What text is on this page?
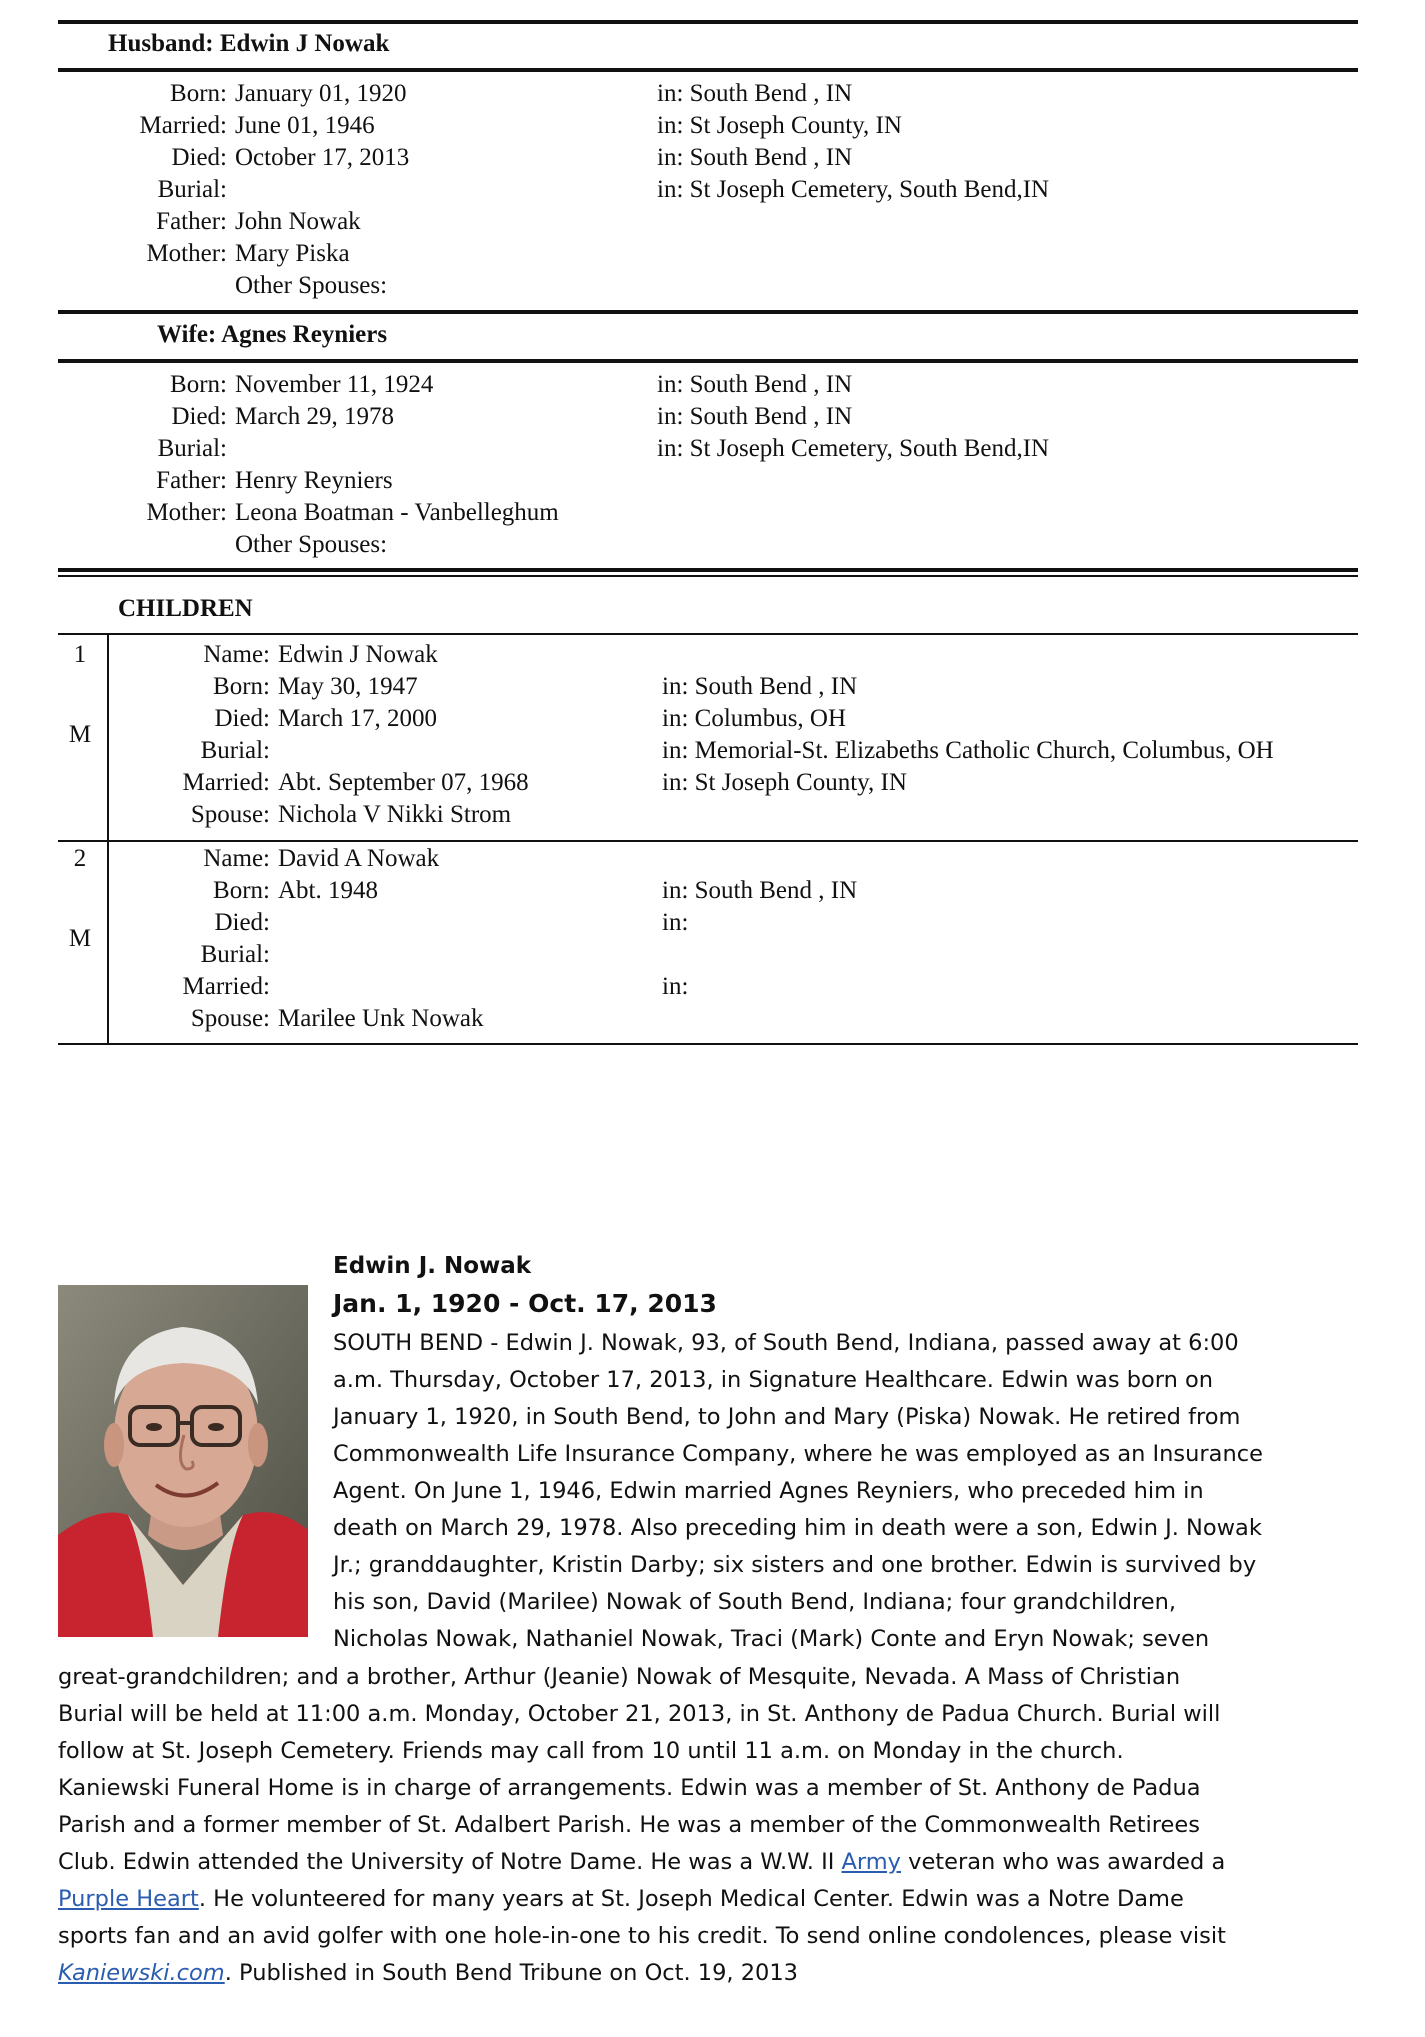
Husband: Edwin J Nowak
Born: January 01, 1920	in: South Bend , IN
Married: June 01, 1946	in: St Joseph County, IN
Died: October 17, 2013	in: South Bend , IN
Burial:	in: St Joseph Cemetery, South Bend,IN
Father: John Nowak
Mother: Mary Piska
Other Spouses:
Wife: Agnes Reyniers
Born: November 11, 1924	in: South Bend , IN
Died: March 29, 1978	in: South Bend , IN
Burial:	in: St Joseph Cemetery, South Bend,IN
Father: Henry Reyniers
Mother: Leona Boatman - Vanbelleghum
Other Spouses:
CHILDREN
1
M
Name: Edwin J Nowak
Born: May 30, 1947	in: South Bend , IN
Died: March 17, 2000	in: Columbus, OH
Burial:	in: Memorial-St. Elizabeths Catholic Church, Columbus, OH
Married: Abt. September 07, 1968	in: St Joseph County, IN
Spouse: Nichola V Nikki Strom
2
M
Name: David A Nowak
Born: Abt. 1948	in: South Bend , IN
Died:	in:
Burial:
Married:	in:
Spouse: Marilee Unk Nowak
Edwin J. Nowak
Jan. 1, 1920 - Oct. 17, 2013
SOUTH BEND - Edwin J. Nowak, 93, of South Bend, Indiana, passed away at 6:00
a.m. Thursday, October 17, 2013, in Signature Healthcare. Edwin was born on
January 1, 1920, in South Bend, to John and Mary (Piska) Nowak. He retired from
Commonwealth Life Insurance Company, where he was employed as an Insurance
Agent. On June 1, 1946, Edwin married Agnes Reyniers, who preceded him in
death on March 29, 1978. Also preceding him in death were a son, Edwin J. Nowak
Jr.; granddaughter, Kristin Darby; six sisters and one brother. Edwin is survived by
his son, David (Marilee) Nowak of South Bend, Indiana; four grandchildren,
Nicholas Nowak, Nathaniel Nowak, Traci (Mark) Conte and Eryn Nowak; seven
great-grandchildren; and a brother, Arthur (Jeanie) Nowak of Mesquite, Nevada. A Mass of Christian
Burial will be held at 11:00 a.m. Monday, October 21, 2013, in St. Anthony de Padua Church. Burial will
follow at St. Joseph Cemetery. Friends may call from 10 until 11 a.m. on Monday in the church.
Kaniewski Funeral Home is in charge of arrangements. Edwin was a member of St. Anthony de Padua
Parish and a former member of St. Adalbert Parish. He was a member of the Commonwealth Retirees
Club. Edwin attended the University of Notre Dame. He was a W.W. II Army veteran who was awarded a
Purple Heart. He volunteered for many years at St. Joseph Medical Center. Edwin was a Notre Dame
sports fan and an avid golfer with one hole-in-one to his credit. To send online condolences, please visit
Kaniewski.com. Published in South Bend Tribune on Oct. 19, 2013
